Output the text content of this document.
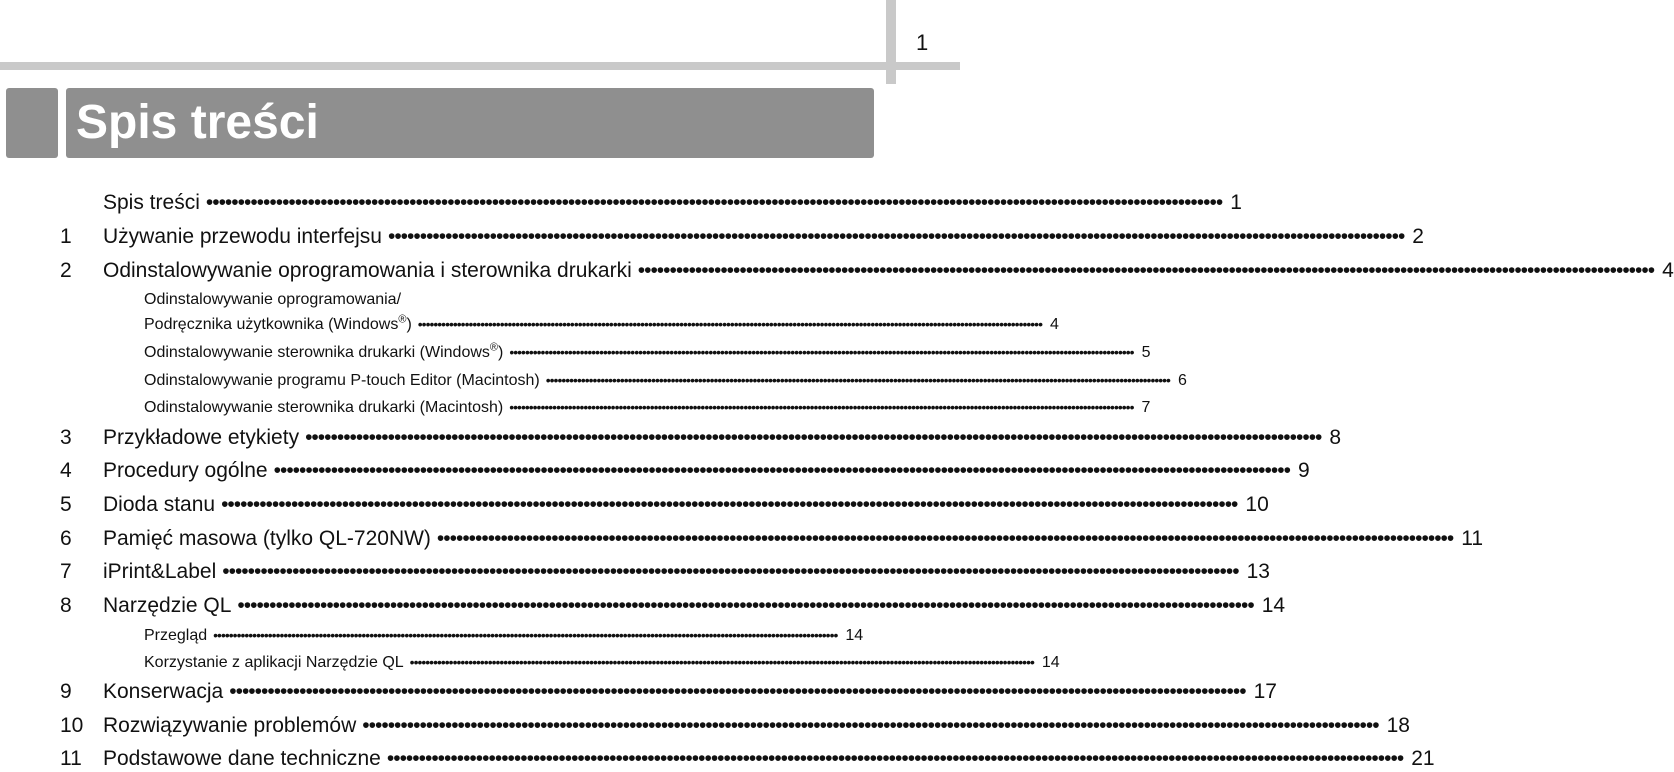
1
Spis treści
Spis treści •••••••••••••••••••••••••••••••••••••••••••••••••••••••••••••••••••••••••••••••••••••••••••••••••••••••••••••••••••••••••••••••••••••••••••••••••••••••••••••••• 1
1	Używanie przewodu interfejsu •••••••••••••••••••••••••••••••••••••••••••••••••••••••••••••••••••••••••••••••••••••••••••••••••••••••••••••••••••••••••••••••••••••••••••••••••••••••••••••••• 2
2	Odinstalowywanie oprogramowania i sterownika drukarki •••••••••••••••••••••••••••••••••••••••••••••••••••••••••••••••••••••••••••••••••••••••••••••••••••••••••••••••••••••••••••••••••••••••••••••••••••••••••••••••• 4
Odinstalowywanie oprogramowania/
Podręcznika użytkownika (Windows®) •••••••••••••••••••••••••••••••••••••••••••••••••••••••••••••••••••••••••••••••••••••••••••••••••••••••••••••••••••••••••••••••••••••••••••••••••••••••••••••••• 4
Odinstalowywanie sterownika drukarki (Windows®) •••••••••••••••••••••••••••••••••••••••••••••••••••••••••••••••••••••••••••••••••••••••••••••••••••••••••••••••••••••••••••••••••••••••••••••••••••••••••••••••• 5
Odinstalowywanie programu P-touch Editor (Macintosh) •••••••••••••••••••••••••••••••••••••••••••••••••••••••••••••••••••••••••••••••••••••••••••••••••••••••••••••••••••••••••••••••••••••••••••••••••••••••••••••••• 6
Odinstalowywanie sterownika drukarki (Macintosh) •••••••••••••••••••••••••••••••••••••••••••••••••••••••••••••••••••••••••••••••••••••••••••••••••••••••••••••••••••••••••••••••••••••••••••••••••••••••••••••••• 7
3	Przykładowe etykiety •••••••••••••••••••••••••••••••••••••••••••••••••••••••••••••••••••••••••••••••••••••••••••••••••••••••••••••••••••••••••••••••••••••••••••••••••••••••••••••••• 8
4	Procedury ogólne •••••••••••••••••••••••••••••••••••••••••••••••••••••••••••••••••••••••••••••••••••••••••••••••••••••••••••••••••••••••••••••••••••••••••••••••••••••••••••••••• 9
5	Dioda stanu •••••••••••••••••••••••••••••••••••••••••••••••••••••••••••••••••••••••••••••••••••••••••••••••••••••••••••••••••••••••••••••••••••••••••••••••••••••••••••••••• 10
6	Pamięć masowa (tylko QL-720NW) •••••••••••••••••••••••••••••••••••••••••••••••••••••••••••••••••••••••••••••••••••••••••••••••••••••••••••••••••••••••••••••••••••••••••••••••••••••••••••••••• 11
7	iPrint&Label •••••••••••••••••••••••••••••••••••••••••••••••••••••••••••••••••••••••••••••••••••••••••••••••••••••••••••••••••••••••••••••••••••••••••••••••••••••••••••••••• 13
8	Narzędzie QL •••••••••••••••••••••••••••••••••••••••••••••••••••••••••••••••••••••••••••••••••••••••••••••••••••••••••••••••••••••••••••••••••••••••••••••••••••••••••••••••• 14
Przegląd •••••••••••••••••••••••••••••••••••••••••••••••••••••••••••••••••••••••••••••••••••••••••••••••••••••••••••••••••••••••••••••••••••••••••••••••••••••••••••••••• 14
Korzystanie z aplikacji Narzędzie QL •••••••••••••••••••••••••••••••••••••••••••••••••••••••••••••••••••••••••••••••••••••••••••••••••••••••••••••••••••••••••••••••••••••••••••••••••••••••••••••••• 14
9	Konserwacja •••••••••••••••••••••••••••••••••••••••••••••••••••••••••••••••••••••••••••••••••••••••••••••••••••••••••••••••••••••••••••••••••••••••••••••••••••••••••••••••• 17
10 Rozwiązywanie problemów •••••••••••••••••••••••••••••••••••••••••••••••••••••••••••••••••••••••••••••••••••••••••••••••••••••••••••••••••••••••••••••••••••••••••••••••••••••••••••••••• 18
11	Podstawowe dane techniczne •••••••••••••••••••••••••••••••••••••••••••••••••••••••••••••••••••••••••••••••••••••••••••••••••••••••••••••••••••••••••••••••••••••••••••••••••••••••••••••••• 21
